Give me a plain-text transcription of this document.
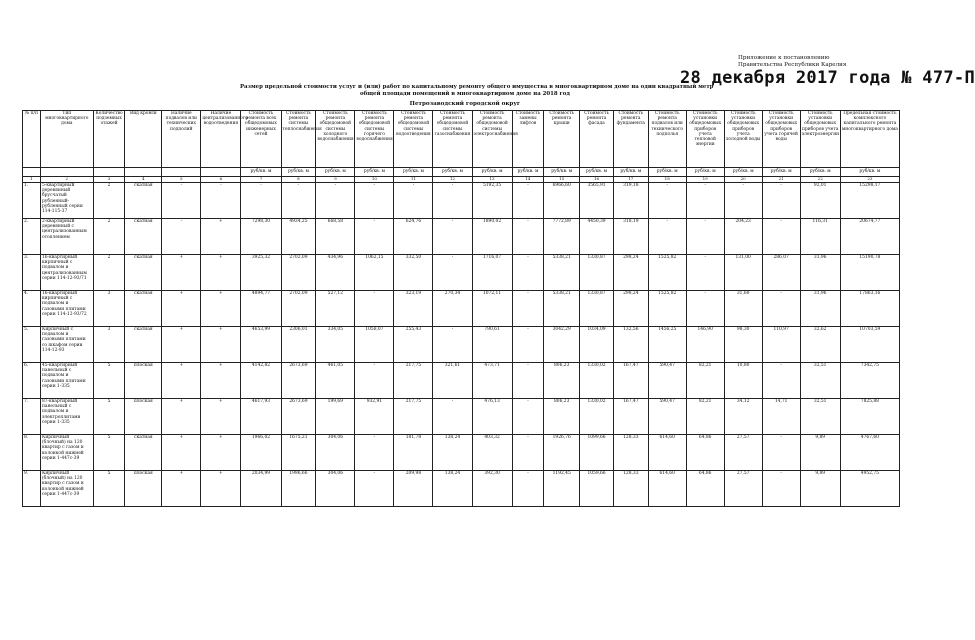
Приложение к постановлению
Правительства Республики Карелия
28 декабря 2017 года № 477-П
Размер предельной стоимости услуг и (или) работ по капитальному ремонту общего имущества в многоквартирном доме на один квадратный метр
общей площади помещений в многоквартирном доме на 2018 год
Петрозаводский городской округ
№ п/п	Тип многоквартирного дома	Количество подземных этажей	Вид кровли	Наличие подвалов или технических подполий	Наличие централизованного водоотведения	Стоимость ремонта всех общедомовых инженерных сетей	Стоимость ремонта системы теплоснабжения	Стоимость ремонта общедомовой системы холодного водоснабжения	Стоимость ремонта общедомовой системы горячего водоснабжения	Стоимость ремонта общедомовой системы водоотведения	Стоимость ремонта общедомовой системы газоснабжения	Стоимость ремонта общедомовой системы электроснабжения	Стоимость замены лифтов	Стоимость ремонта крыши	Стоимость ремонта фасада	Стоимость ремонта фундамента	Стоимость ремонта подвалов или технического подполья	Стоимость установки общедомовых приборов учета тепловой энергии	Стоимость установки общедомовых приборов учета холодной воды	Стоимость установки общедомовых приборов учета горячей воды	Стоимость установки общедомовых приборов учета электроэнергии	Предельная стоимость комплексного капитального ремонта многоквартирного дома
						руб/кв. м	руб/кв. м	руб/кв. м	руб/кв. м	руб/кв. м	руб/кв. м	руб/кв. м	руб/кв. м	руб/кв. м	руб/кв. м	руб/кв. м	руб/кв. м	руб/кв. м	руб/кв. м	руб/кв. м	руб/кв. м	руб/кв. м
1	2	3	4	5	6	7	8	9	10	11	12	13	14	15	16	17	18	19	20	21	22	23
1.	5-квартирный деревянный брусчатый рубленный-рубленный серии 114-115-37	2	скатная	-	-	-	-	-	-	-	-	5192,35	-	6966,60	3565,91	319,18	-	-	-	-	92,01	15298,17
2.	2-квартирный деревянный с централизованным отоплением	2	скатная	-	+	7298,30	4934,25	668,58	-	624,76	-	1890,02	-	7772,89	4450,39	318,19	-	-	204,23	-	116,31	20674,77
3.	16-квартирный кирпичный с подвалом и централизованным серии 114-12-93/71	2	скатная	+	+	3925,32	2702,09	434,96	1062,15	332,50	-	1716,07	-	5338,21	1330,87	298,24	1525,82	-	131,00	286,07	31,96	15190,78
4.	16-квартирный кирпичный с подвалом и газовыми плитами серии 114-12-93/72	3	скатная	+	+	4894,77	2702,09	527,12	-	323,19	270,34	1072,11	-	5338,21	1330,87	298,24	1525,82	-	31,60	-	31,96	17863,16
5.	Кирпичный с подвалом и газовыми плитами со шкафом серии 114-12-93	3	скатная	+	+	4653,99	2306,01	334,05	1058,07	255,43	-	790,61	-	3042,29	1034,09	132,56	1456,25	146,90	98,30	110,97	32,62	10703,59
6.	45-квартирный панельный с подвалом и газовыми плитами серии 1-335	5	плоская	+	+	4142,82	2673,69	461,05	-	217,75	321,61	473,71	-	806,23	1330,02	167,47	590,47	82,21	10,80	-	32,51	7342,75
7.	87-квартирный панельный с подвалом и электроплитами серии 1-335	5	плоская	+	+	4617,93	2673,69	199,69	932,91	217,75	-	476,13	-	806,23	1330,02	167,47	590,47	82,21	34,12	14,71	32,51	7825,88
8.	Кирпичный (блочный) на 120 квартир с газом и колонкой нижней серии 1-447с-39	5	скатная	+	+	1966,02	1675,21	304,06	-	181,78	138,24	403,32	-	1926,76	1099,66	128,33	614,60	64,86	27,57	-	9,89	4767,60
9.	Кирпичный (блочный) на 120 квартир с газом и колонкой нижней серии 1-447с-39	5	плоская	+	+	2034,99	1996,66	304,06	-	209,98	138,24	392,30	-	1192,45	1059,66	128,33	614,60	64,86	27,57	-	9,89	4952,75
